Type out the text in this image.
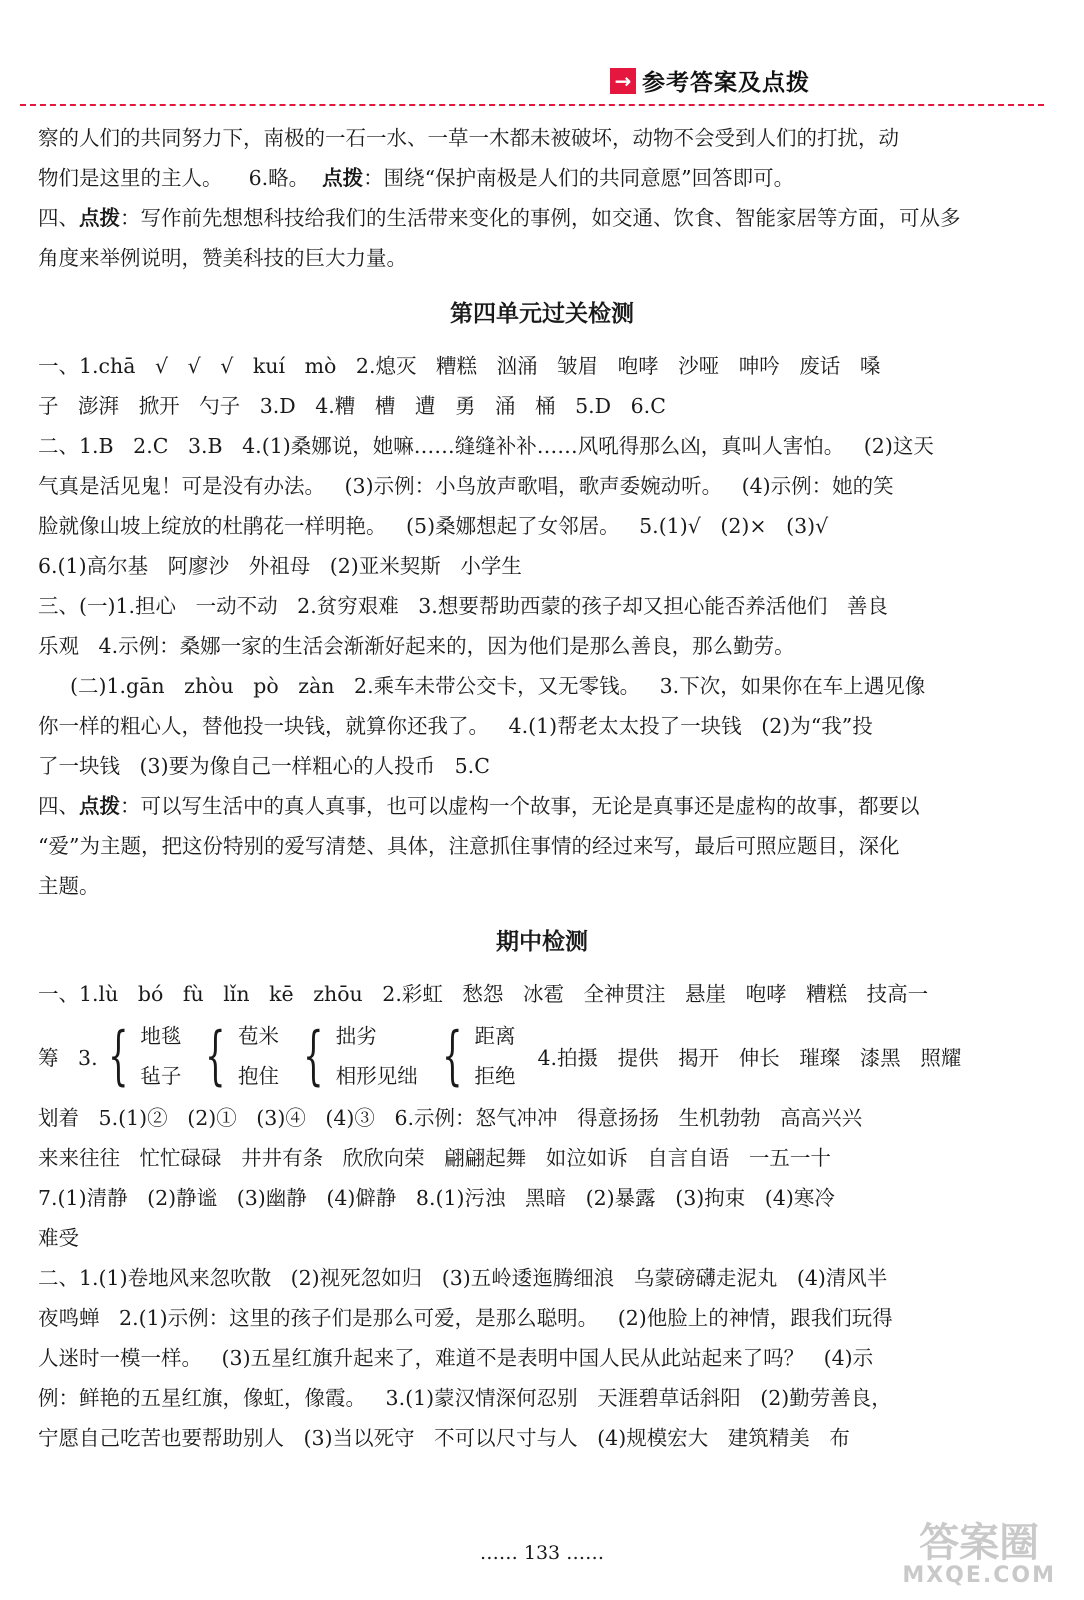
→ 参考答案及点拨

察的人们的共同努力下，南极的一石一水、一草一木都未被破坏，动物不会受到人们的打扰，动

物们是这里的主人。    6.略。  点拨：围绕“保护南极是人们的共同意愿”回答即可。

四、点拨：写作前先想想科技给我们的生活带来变化的事例，如交通、饮食、智能家居等方面，可从多

角度来举例说明，赞美科技的巨大力量。

第四单元过关检测

一、1.chā   √   √   √   kuí   mò   2.熄灭   糟糕   汹涌   皱眉   咆哮   沙哑   呻吟   废话   嗓

子   澎湃   掀开   勺子   3.D   4.糟   槽   遭   勇   涌   桶   5.D   6.C

二、1.B   2.C   3.B   4.(1)桑娜说，她嘛……缝缝补补……风吼得那么凶，真叫人害怕。   (2)这天

气真是活见鬼！可是没有办法。   (3)示例：小鸟放声歌唱，歌声委婉动听。   (4)示例：她的笑

脸就像山坡上绽放的杜鹃花一样明艳。   (5)桑娜想起了女邻居。   5.(1)√   (2)×   (3)√

6.(1)高尔基   阿廖沙   外祖母   (2)亚米契斯   小学生

三、(一)1.担心   一动不动   2.贫穷艰难   3.想要帮助西蒙的孩子却又担心能否养活他们   善良

乐观   4.示例：桑娜一家的生活会渐渐好起来的，因为他们是那么善良，那么勤劳。

(二)1.gān   zhòu   pò   zàn   2.乘车未带公交卡，又无零钱。   3.下次，如果你在车上遇见像

你一样的粗心人，替他投一块钱，就算你还我了。   4.(1)帮老太太投了一块钱   (2)为“我”投

了一块钱   (3)要为像自己一样粗心的人投币   5.C

四、点拨：可以写生活中的真人真事，也可以虚构一个故事，无论是真事还是虚构的故事，都要以

“爱”为主题，把这份特别的爱写清楚、具体，注意抓住事情的经过来写，最后可照应题目，深化

主题。

期中检测

一、1.lù   bó   fù   lǐn   kē   zhōu   2.彩虹   愁怨   冰雹   全神贯注   悬崖   咆哮   糟糕   技高一

筹   3. { 地毯
毡子 { 苞米
抱住 { 拙劣
相形见绌 { 距离
拒绝
4.拍摄   提供   揭开   伸长   璀璨   漆黑   照耀

划着   5.(1)②   (2)①   (3)④   (4)③   6.示例：怒气冲冲   得意扬扬   生机勃勃   高高兴兴

来来往往   忙忙碌碌   井井有条   欣欣向荣   翩翩起舞   如泣如诉   自言自语   一五一十

7.(1)清静   (2)静谧   (3)幽静   (4)僻静   8.(1)污浊   黑暗   (2)暴露   (3)拘束   (4)寒冷

难受

二、1.(1)卷地风来忽吹散   (2)视死忽如归   (3)五岭逶迤腾细浪   乌蒙磅礴走泥丸   (4)清风半

夜鸣蝉   2.(1)示例：这里的孩子们是那么可爱，是那么聪明。   (2)他脸上的神情，跟我们玩得

人迷时一模一样。   (3)五星红旗升起来了，难道不是表明中国人民从此站起来了吗？   (4)示

例：鲜艳的五星红旗，像虹，像霞。   3.(1)蒙汉情深何忍别   天涯碧草话斜阳   (2)勤劳善良，

宁愿自己吃苦也要帮助别人   (3)当以死守   不可以尺寸与人   (4)规模宏大   建筑精美   布

…… 133 ……	答案圈
MXQE.COM
